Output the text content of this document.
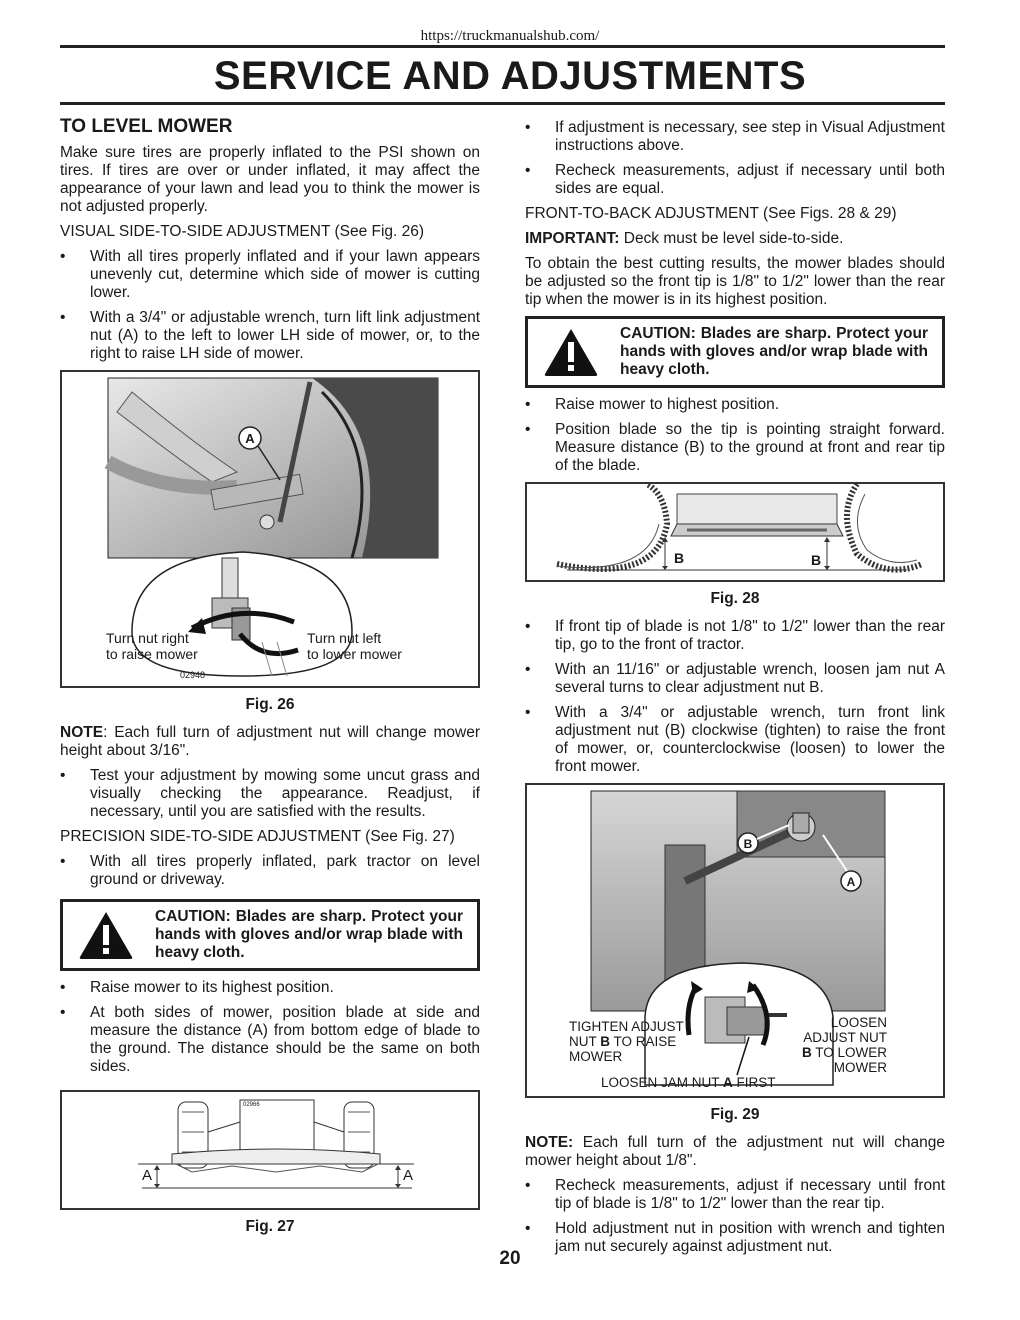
https://truckmanualshub.com/
SERVICE AND ADJUSTMENTS
TO LEVEL MOWER

Make sure tires are properly inflated to the PSI shown on tires. If tires are over or under inflated, it may affect the appearance of your lawn and lead you to think the mower is not adjusted properly.

VISUAL SIDE-TO-SIDE ADJUSTMENT (See Fig. 26)

• With all tires properly inflated and if your lawn appears unevenly cut, determine which side of mower is cutting lower.
• With a 3/4" or adjustable wrench, turn lift link adjustment nut (A) to the left to lower LH side of mower, or, to the right to raise LH side of mower.
A
Turn nut right
to raise mower
Turn nut left
to lower mower
02948
Fig. 26

NOTE: Each full turn of adjustment nut will change mower height about 3/16".

• Test your adjustment by mowing some uncut grass and visually checking the appearance. Readjust, if necessary, until you are satisfied with the results.

PRECISION SIDE-TO-SIDE ADJUSTMENT (See Fig. 27)

• With all tires properly inflated, park tractor on level ground or driveway.
CAUTION: Blades are sharp. Protect your hands with gloves and/or wrap blade with heavy cloth.
• Raise mower to its highest position.
• At both sides of mower, position blade at side and measure the distance (A) from bottom edge of blade to the ground. The distance should be the same on both sides.
A	A
02966
Fig. 27
• If adjustment is necessary, see step in Visual Adjustment instructions above.
• Recheck measurements, adjust if necessary until both sides are equal.

FRONT-TO-BACK ADJUSTMENT (See Figs. 28 & 29)

IMPORTANT: Deck must be level side-to-side.

To obtain the best cutting results, the mower blades should be adjusted so the front tip is 1/8" to 1/2" lower than the rear tip when the mower is in its highest position.

CAUTION: Blades are sharp. Protect your hands with gloves and/or wrap blade with heavy cloth.
• Raise mower to highest position.
• Position blade so the tip is pointing straight forward. Measure distance (B) to the ground at front and rear tip of the blade.
B	B
Fig. 28
• If front tip of blade is not 1/8" to 1/2" lower than the rear tip, go to the front of tractor.
• With an 11/16" or adjustable wrench, loosen jam nut A several turns to clear adjustment nut B.
• With a 3/4" or adjustable wrench, turn front link adjustment nut (B) clockwise (tighten) to raise the front of mower, or, counterclockwise (loosen) to lower the front mower.
B
A
TIGHTEN ADJUST
NUT B TO RAISE
MOWER
LOOSEN
ADJUST NUT
B TO LOWER
MOWER
LOOSEN JAM NUT A FIRST
Fig. 29

NOTE: Each full turn of the adjustment nut will change mower height about 1/8".

• Recheck measurements, adjust if necessary until front tip of blade is 1/8" to 1/2" lower than the rear tip.
• Hold adjustment nut in position with wrench and tighten jam nut securely against adjustment nut.
20
